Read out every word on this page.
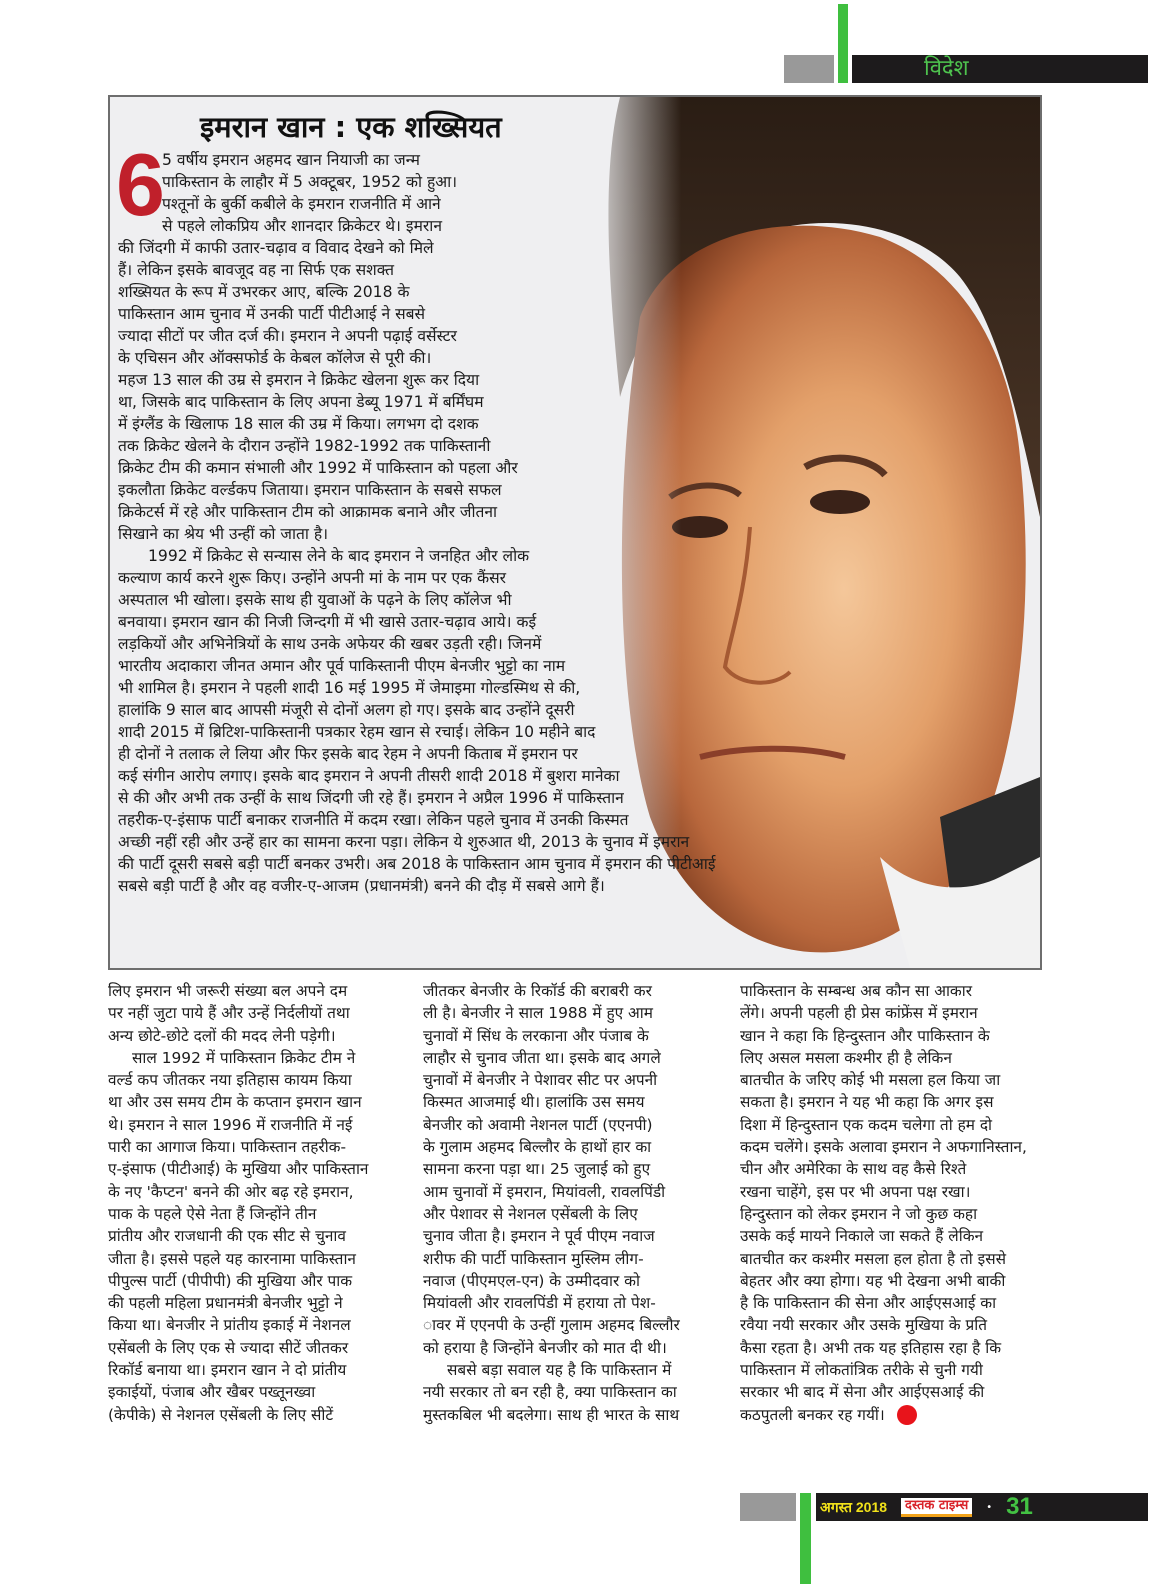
विदेश
इमरान खान : एक शख्सियत
6
5 वर्षीय इमरान अहमद खान नियाजी का जन्म
पाकिस्तान के लाहौर में 5 अक्टूबर, 1952 को हुआ।
पश्तूनों के बुर्की कबीले के इमरान राजनीति में आने
से पहले लोकप्रिय और शानदार क्रिकेटर थे। इमरान
की जिंदगी में काफी उतार-चढ़ाव व विवाद देखने को मिले
हैं। लेकिन इसके बावजूद वह ना सिर्फ एक सशक्त
शख्सियत के रूप में उभरकर आए, बल्कि 2018 के
पाकिस्तान आम चुनाव में उनकी पार्टी पीटीआई ने सबसे
ज्यादा सीटों पर जीत दर्ज की। इमरान ने अपनी पढ़ाई वर्सेस्टर
के एचिसन और ऑक्सफोर्ड के केबल कॉलेज से पूरी की।
महज 13 साल की उम्र से इमरान ने क्रिकेट खेलना शुरू कर दिया
था, जिसके बाद पाकिस्तान के लिए अपना डेब्यू 1971 में बर्मिंघम
में इंग्लैंड के खिलाफ 18 साल की उम्र में किया। लगभग दो दशक
तक क्रिकेट खेलने के दौरान उन्होंने 1982-1992 तक पाकिस्तानी
क्रिकेट टीम की कमान संभाली और 1992 में पाकिस्तान को पहला और
इकलौता क्रिकेट वर्ल्डकप जिताया। इमरान पाकिस्तान के सबसे सफल
क्रिकेटर्स में रहे और पाकिस्तान टीम को आक्रामक बनाने और जीतना
सिखाने का श्रेय भी उन्हीं को जाता है।
1992 में क्रिकेट से सन्यास लेने के बाद इमरान ने जनहित और लोक
कल्याण कार्य करने शुरू किए। उन्होंने अपनी मां के नाम पर एक कैंसर
अस्पताल भी खोला। इसके साथ ही युवाओं के पढ़ने के लिए कॉलेज भी
बनवाया। इमरान खान की निजी जिन्दगी में भी खासे उतार-चढ़ाव आये। कई
लड़कियों और अभिनेत्रियों के साथ उनके अफेयर की खबर उड़ती रही। जिनमें
भारतीय अदाकारा जीनत अमान और पूर्व पाकिस्तानी पीएम बेनजीर भुट्टो का नाम
भी शामिल है। इमरान ने पहली शादी 16 मई 1995 में जेमाइमा गोल्डस्मिथ से की,
हालांकि 9 साल बाद आपसी मंजूरी से दोनों अलग हो गए। इसके बाद उन्होंने दूसरी
शादी 2015 में ब्रिटिश-पाकिस्तानी पत्रकार रेहम खान से रचाई। लेकिन 10 महीने बाद
ही दोनों ने तलाक ले लिया और फिर इसके बाद रेहम ने अपनी किताब में इमरान पर
कई संगीन आरोप लगाए। इसके बाद इमरान ने अपनी तीसरी शादी 2018 में बुशरा मानेका
से की और अभी तक उन्हीं के साथ जिंदगी जी रहे हैं। इमरान ने अप्रैल 1996 में पाकिस्तान
तहरीक-ए-इंसाफ पार्टी बनाकर राजनीति में कदम रखा। लेकिन पहले चुनाव में उनकी किस्मत
अच्छी नहीं रही और उन्हें हार का सामना करना पड़ा। लेकिन ये शुरुआत थी, 2013 के चुनाव में इमरान
की पार्टी दूसरी सबसे बड़ी पार्टी बनकर उभरी। अब 2018 के पाकिस्तान आम चुनाव में इमरान की पीटीआई
सबसे बड़ी पार्टी है और वह वजीर-ए-आजम (प्रधानमंत्री) बनने की दौड़ में सबसे आगे हैं।
लिए इमरान भी जरूरी संख्या बल अपने दम
पर नहीं जुटा पाये हैं और उन्हें निर्दलीयों तथा
अन्य छोटे-छोटे दलों की मदद लेनी पड़ेगी।
साल 1992 में पाकिस्तान क्रिकेट टीम ने
वर्ल्ड कप जीतकर नया इतिहास कायम किया
था और उस समय टीम के कप्तान इमरान खान
थे। इमरान ने साल 1996 में राजनीति में नई
पारी का आगाज किया। पाकिस्तान तहरीक-
ए-इंसाफ (पीटीआई) के मुखिया और पाकिस्तान
के नए 'कैप्टन' बनने की ओर बढ़ रहे इमरान,
पाक के पहले ऐसे नेता हैं जिन्होंने तीन
प्रांतीय और राजधानी की एक सीट से चुनाव
जीता है। इससे पहले यह कारनामा पाकिस्तान
पीपुल्स पार्टी (पीपीपी) की मुखिया और पाक
की पहली महिला प्रधानमंत्री बेनजीर भुट्टो ने
किया था। बेनजीर ने प्रांतीय इकाई में नेशनल
एसेंबली के लिए एक से ज्यादा सीटें जीतकर
रिकॉर्ड बनाया था। इमरान खान ने दो प्रांतीय
इकाईयों, पंजाब और खैबर पख्तूनख्वा
(केपीके) से नेशनल एसेंबली के लिए सीटें
जीतकर बेनजीर के रिकॉर्ड की बराबरी कर
ली है। बेनजीर ने साल 1988 में हुए आम
चुनावों में सिंध के लरकाना और पंजाब के
लाहौर से चुनाव जीता था। इसके बाद अगले
चुनावों में बेनजीर ने पेशावर सीट पर अपनी
किस्मत आजमाई थी। हालांकि उस समय
बेनजीर को अवामी नेशनल पार्टी (एएनपी)
के गुलाम अहमद बिल्लौर के हाथों हार का
सामना करना पड़ा था। 25 जुलाई को हुए
आम चुनावों में इमरान, मियांवली, रावलपिंडी
और पेशावर से नेशनल एसेंबली के लिए
चुनाव जीता है। इमरान ने पूर्व पीएम नवाज
शरीफ की पार्टी पाकिस्तान मुस्लिम लीग-
नवाज (पीएमएल-एन) के उम्मीदवार को
मियांवली और रावलपिंडी में हराया तो पेश-
ावर में एएनपी के उन्हीं गुलाम अहमद बिल्लौर
को हराया है जिन्होंने बेनजीर को मात दी थी।
सबसे बड़ा सवाल यह है कि पाकिस्तान में
नयी सरकार तो बन रही है, क्या पाकिस्तान का
मुस्तकबिल भी बदलेगा। साथ ही भारत के साथ
पाकिस्तान के सम्बन्ध अब कौन सा आकार
लेंगे। अपनी पहली ही प्रेस कांफ्रेंस में इमरान
खान ने कहा कि हिन्दुस्तान और पाकिस्तान के
लिए असल मसला कश्मीर ही है लेकिन
बातचीत के जरिए कोई भी मसला हल किया जा
सकता है। इमरान ने यह भी कहा कि अगर इस
दिशा में हिन्दुस्तान एक कदम चलेगा तो हम दो
कदम चलेंगे। इसके अलावा इमरान ने अफगानिस्तान,
चीन और अमेरिका के साथ वह कैसे रिश्ते
रखना चाहेंगे, इस पर भी अपना पक्ष रखा।
हिन्दुस्तान को लेकर इमरान ने जो कुछ कहा
उसके कई मायने निकाले जा सकते हैं लेकिन
बातचीत कर कश्मीर मसला हल होता है तो इससे
बेहतर और क्या होगा। यह भी देखना अभी बाकी
है कि पाकिस्तान की सेना और आईएसआई का
रवैया नयी सरकार और उसके मुखिया के प्रति
कैसा रहता है। अभी तक यह इतिहास रहा है कि
पाकिस्तान में लोकतांत्रिक तरीके से चुनी गयी
सरकार भी बाद में सेना और आईएसआई की
कठपुतली बनकर रह गयीं।
अगस्त 2018	दस्तक टाइम्स	• 31
